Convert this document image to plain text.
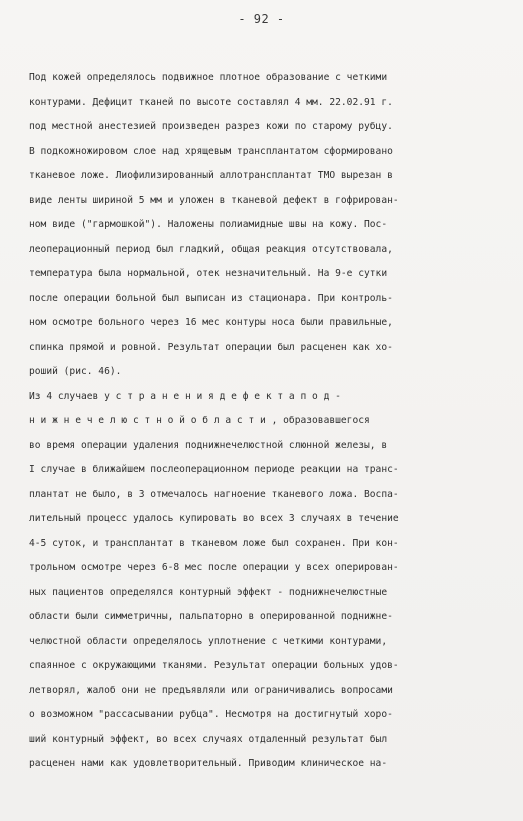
- 92 -
Под кожей определялось подвижное плотное образование с четкими
контурами. Дефицит тканей по высоте составлял 4 мм. 22.02.91 г.
под местной анестезией произведен разрез кожи по старому рубцу.
В подкожножировом слое над хрящевым трансплантатом сформировано
тканевое ложе. Лиофилизированный аллотрансплантат ТМО вырезан в
виде ленты шириной 5 мм и уложен в тканевой дефект в гофрирован-
ном виде ("гармошкой"). Наложены полиамидные швы на кожу. Пос-
леоперационный период был гладкий, общая реакция отсутствовала,
температура была нормальной, отек незначительный. На 9-е сутки
после операции больной был выписан из стационара. При контроль-
ном осмотре больного через 16 мес контуры носа были правильные,
спинка прямой и ровной. Результат операции был расценен как хо-
роший (рис. 46).
Из 4 случаев у с т р а н е н и я д е ф е к т а п о д -
н и ж н е ч е л ю с т н о й о б л а с т и , образовавшегося
во время операции удаления поднижнечелюстной слюнной железы, в
I случае в ближайшем послеоперационном периоде реакции на транс-
плантат не было, в 3 отмечалось нагноение тканевого ложа. Воспа-
лительный процесс удалось купировать во всех 3 случаях в течение
4-5 суток, и трансплантат в тканевом ложе был сохранен. При кон-
трольном осмотре через 6-8 мес после операции у всех оперирован-
ных пациентов определялся контурный эффект - поднижнечелюстные
области были симметричны, пальпаторно в оперированной поднижне-
челюстной области определялось уплотнение с четкими контурами,
спаянное с окружающими тканями. Результат операции больных удов-
летворял, жалоб они не предъявляли или ограничивались вопросами
о возможном "рассасывании рубца". Несмотря на достигнутый хоро-
ший контурный эффект, во всех случаях отдаленный результат был
расценен нами как удовлетворительный. Приводим клиническое на-
